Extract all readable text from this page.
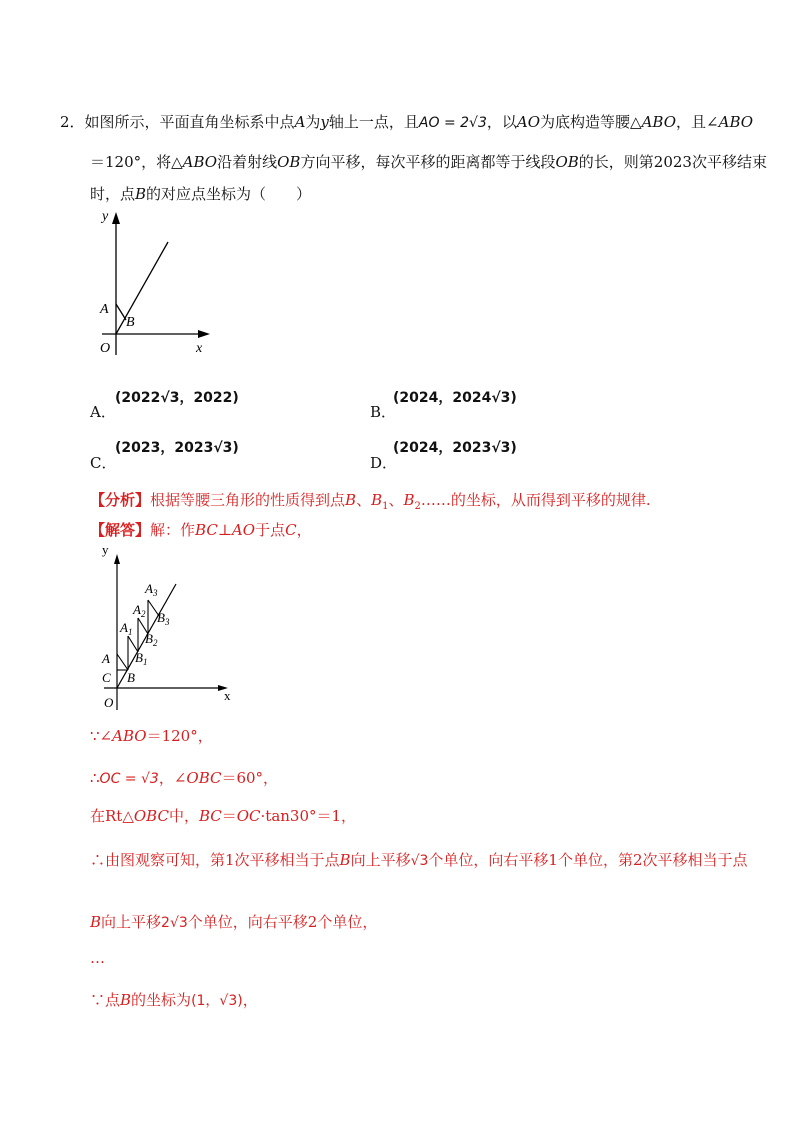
2．如图所示，平面直角坐标系中点A为y轴上一点，且AO = 2√3，以AO为底构造等腰△ABO，且∠ABO
＝120°，将△ABO沿着射线OB方向平移，每次平移的距离都等于线段OB的长，则第2023次平移结束
时，点B的对应点坐标为（　　）
y
x
O
A
B
A．
(2022√3，2022)
B．
(2024，2024√3)
C．
(2023，2023√3)
D．
(2024，2023√3)
【分析】根据等腰三角形的性质得到点B、$B_1$、$B_2\dots\dots$的坐标，从而得到平移的规律.
【解答】解：作BC⊥AO于点C，
y
x
O
A
C B
$A_1$
$B_1$
$A_2$
$B_2$
$A_3$
$B_3$
∵∠ABO＝120°，
∴OC = √3，∠OBC＝60°，
在Rt△OBC中，BC＝OC·tan30°＝1，
∴由图观察可知，第1次平移相当于点B向上平移√3个单位，向右平移1个单位，第2次平移相当于点
B向上平移2√3个单位，向右平移2个单位，
…
∵点B的坐标为(1，√3)，
